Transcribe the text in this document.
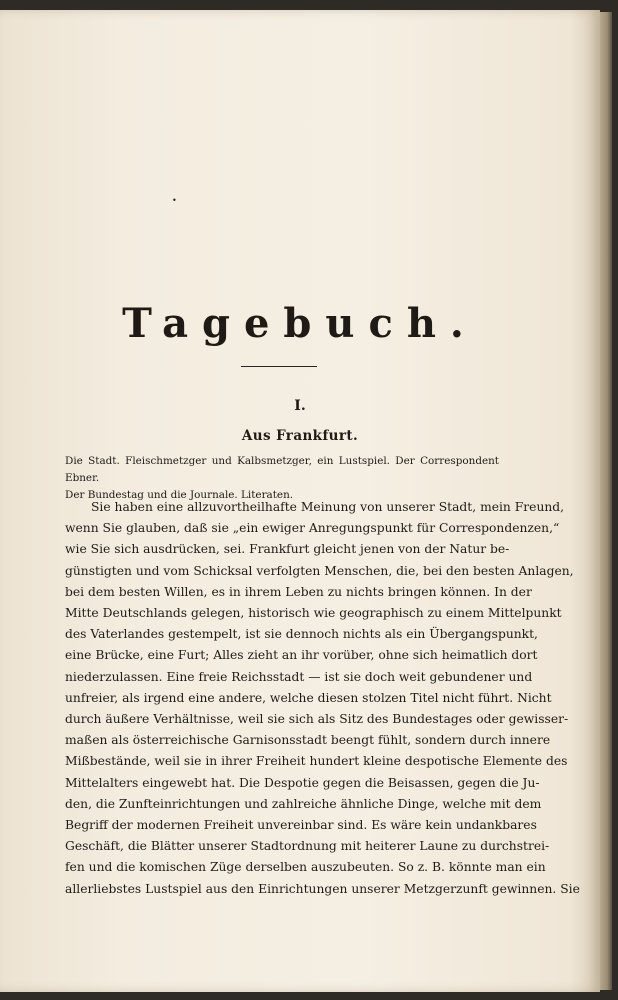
•
Tagebuch.
I.
Aus Frankfurt.
Die Stadt. Fleischmetzger und Kalbsmetzger, ein Lustspiel. Der Correspondent Ebner.
Der Bundestag und die Journale. Literaten.
Sie haben eine allzuvortheilhafte Meinung von unserer Stadt, mein Freund,
wenn Sie glauben, daß sie „ein ewiger Anregungspunkt für Correspondenzen,“
wie Sie sich ausdrücken, sei. Frankfurt gleicht jenen von der Natur be-
günstigten und vom Schicksal verfolgten Menschen, die, bei den besten Anlagen,
bei dem besten Willen, es in ihrem Leben zu nichts bringen können. In der
Mitte Deutschlands gelegen, historisch wie geographisch zu einem Mittelpunkt
des Vaterlandes gestempelt, ist sie dennoch nichts als ein Übergangspunkt,
eine Brücke, eine Furt; Alles zieht an ihr vorüber, ohne sich heimatlich dort
niederzulassen. Eine freie Reichsstadt — ist sie doch weit gebundener und
unfreier, als irgend eine andere, welche diesen stolzen Titel nicht führt. Nicht
durch äußere Verhältnisse, weil sie sich als Sitz des Bundestages oder gewisser-
maßen als österreichische Garnisonsstadt beengt fühlt, sondern durch innere
Mißbestände, weil sie in ihrer Freiheit hundert kleine despotische Elemente des
Mittelalters eingewebt hat. Die Despotie gegen die Beisassen, gegen die Ju-
den, die Zunfteinrichtungen und zahlreiche ähnliche Dinge, welche mit dem
Begriff der modernen Freiheit unvereinbar sind. Es wäre kein undankbares
Geschäft, die Blätter unserer Stadtordnung mit heiterer Laune zu durchstrei-
fen und die komischen Züge derselben auszubeuten. So z. B. könnte man ein
allerliebstes Lustspiel aus den Einrichtungen unserer Metzgerzunft gewinnen. Sie
